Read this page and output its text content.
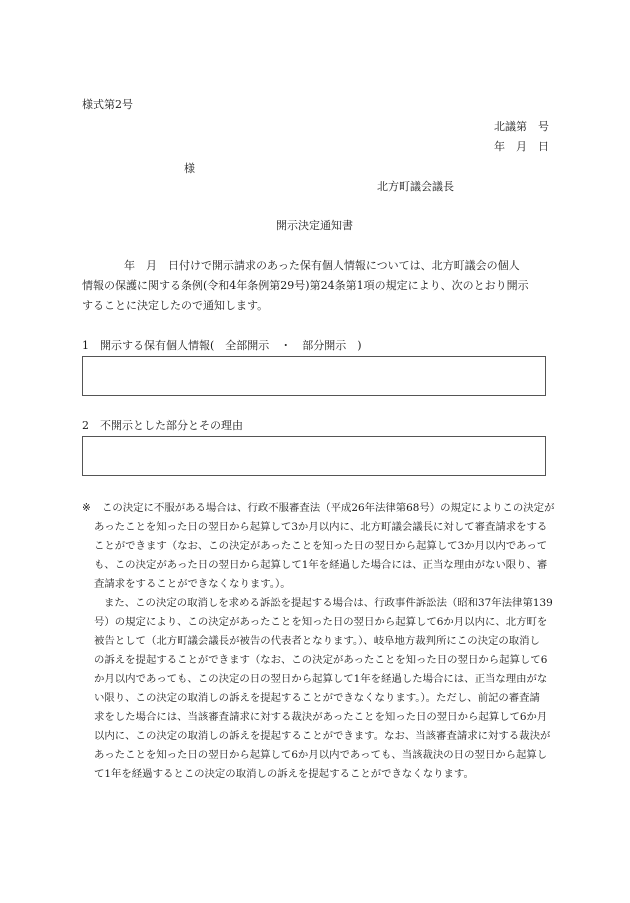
様式第2号
北議第　号
年　月　日
様
北方町議会議長
開示決定通知書
年　月　日付けで開示請求のあった保有個人情報については、北方町議会の個人
情報の保護に関する条例(令和4年条例第29号)第24条第1項の規定により、次のとおり開示
することに決定したので通知します。
1　開示する保有個人情報(　全部開示　・　部分開示　)
2　不開示とした部分とその理由
※ この決定に不服がある場合は、行政不服審査法（平成26年法律第68号）の規定によりこの決定が
あったことを知った日の翌日から起算して3か月以内に、北方町議会議長に対して審査請求をする
ことができます（なお、この決定があったことを知った日の翌日から起算して3か月以内であって
も、この決定があった日の翌日から起算して1年を経過した場合には、正当な理由がない限り、審
査請求をすることができなくなります。）。
また、この決定の取消しを求める訴訟を提起する場合は、行政事件訴訟法（昭和37年法律第139
号）の規定により、この決定があったことを知った日の翌日から起算して6か月以内に、北方町を
被告として（北方町議会議長が被告の代表者となります。）、岐阜地方裁判所にこの決定の取消し
の訴えを提起することができます（なお、この決定があったことを知った日の翌日から起算して6
か月以内であっても、この決定の日の翌日から起算して1年を経過した場合には、正当な理由がな
い限り、この決定の取消しの訴えを提起することができなくなります。）。ただし、前記の審査請
求をした場合には、当該審査請求に対する裁決があったことを知った日の翌日から起算して6か月
以内に、この決定の取消しの訴えを提起することができます。なお、当該審査請求に対する裁決が
あったことを知った日の翌日から起算して6か月以内であっても、当該裁決の日の翌日から起算し
て1年を経過するとこの決定の取消しの訴えを提起することができなくなります。
